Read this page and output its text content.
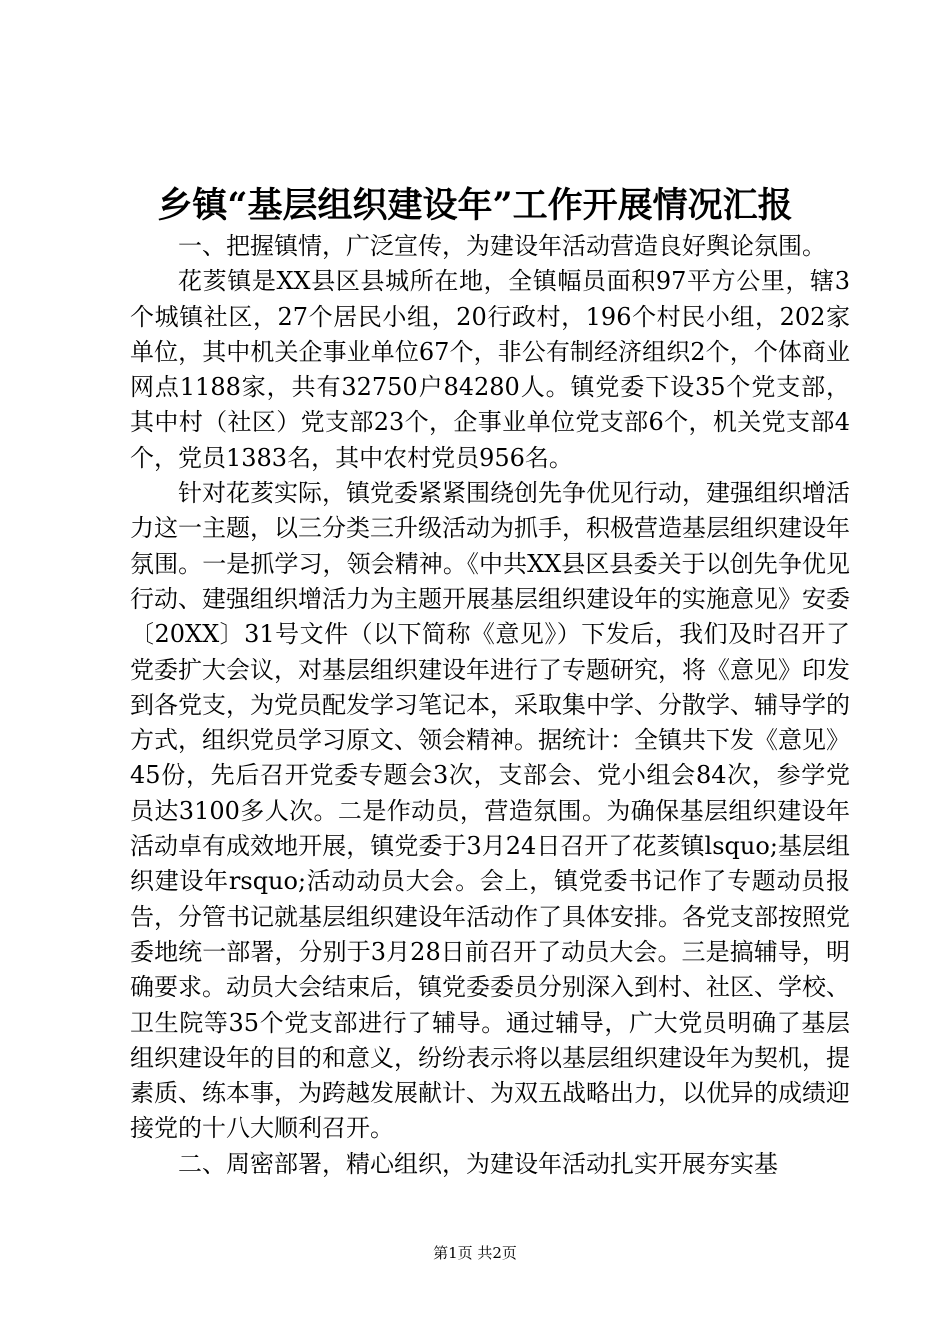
乡镇“基层组织建设年”工作开展情况汇报

一、把握镇情，广泛宣传，为建设年活动营造良好舆论氛围。

花荄镇是XX县区县城所在地，全镇幅员面积97平方公里，辖3个城镇社区，27个居民小组，20行政村，196个村民小组，202家单位，其中机关企事业单位67个，非公有制经济组织2个，个体商业网点1188家，共有32750户84280人。镇党委下设35个党支部，其中村（社区）党支部23个，企事业单位党支部6个，机关党支部4个，党员1383名，其中农村党员956名。

针对花荄实际，镇党委紧紧围绕创先争优见行动，建强组织增活力这一主题，以三分类三升级活动为抓手，积极营造基层组织建设年氛围。一是抓学习，领会精神。《中共XX县区县委关于以创先争优见行动、建强组织增活力为主题开展基层组织建设年的实施意见》安委〔20XX〕31号文件（以下简称《意见》）下发后，我们及时召开了党委扩大会议，对基层组织建设年进行了专题研究，将《意见》印发到各党支，为党员配发学习笔记本，采取集中学、分散学、辅导学的方式，组织党员学习原文、领会精神。据统计：全镇共下发《意见》45份，先后召开党委专题会3次，支部会、党小组会84次，参学党员达3100多人次。二是作动员，营造氛围。为确保基层组织建设年活动卓有成效地开展，镇党委于3月24日召开了花荄镇lsquo;基层组织建设年rsquo;活动动员大会。会上，镇党委书记作了专题动员报告，分管书记就基层组织建设年活动作了具体安排。各党支部按照党委地统一部署，分别于3月28日前召开了动员大会。三是搞辅导，明确要求。动员大会结束后，镇党委委员分别深入到村、社区、学校、卫生院等35个党支部进行了辅导。通过辅导，广大党员明确了基层组织建设年的目的和意义，纷纷表示将以基层组织建设年为契机，提素质、练本事，为跨越发展献计、为双五战略出力，以优异的成绩迎接党的十八大顺利召开。

二、周密部署，精心组织，为建设年活动扎实开展夯实基

第1页 共2页
